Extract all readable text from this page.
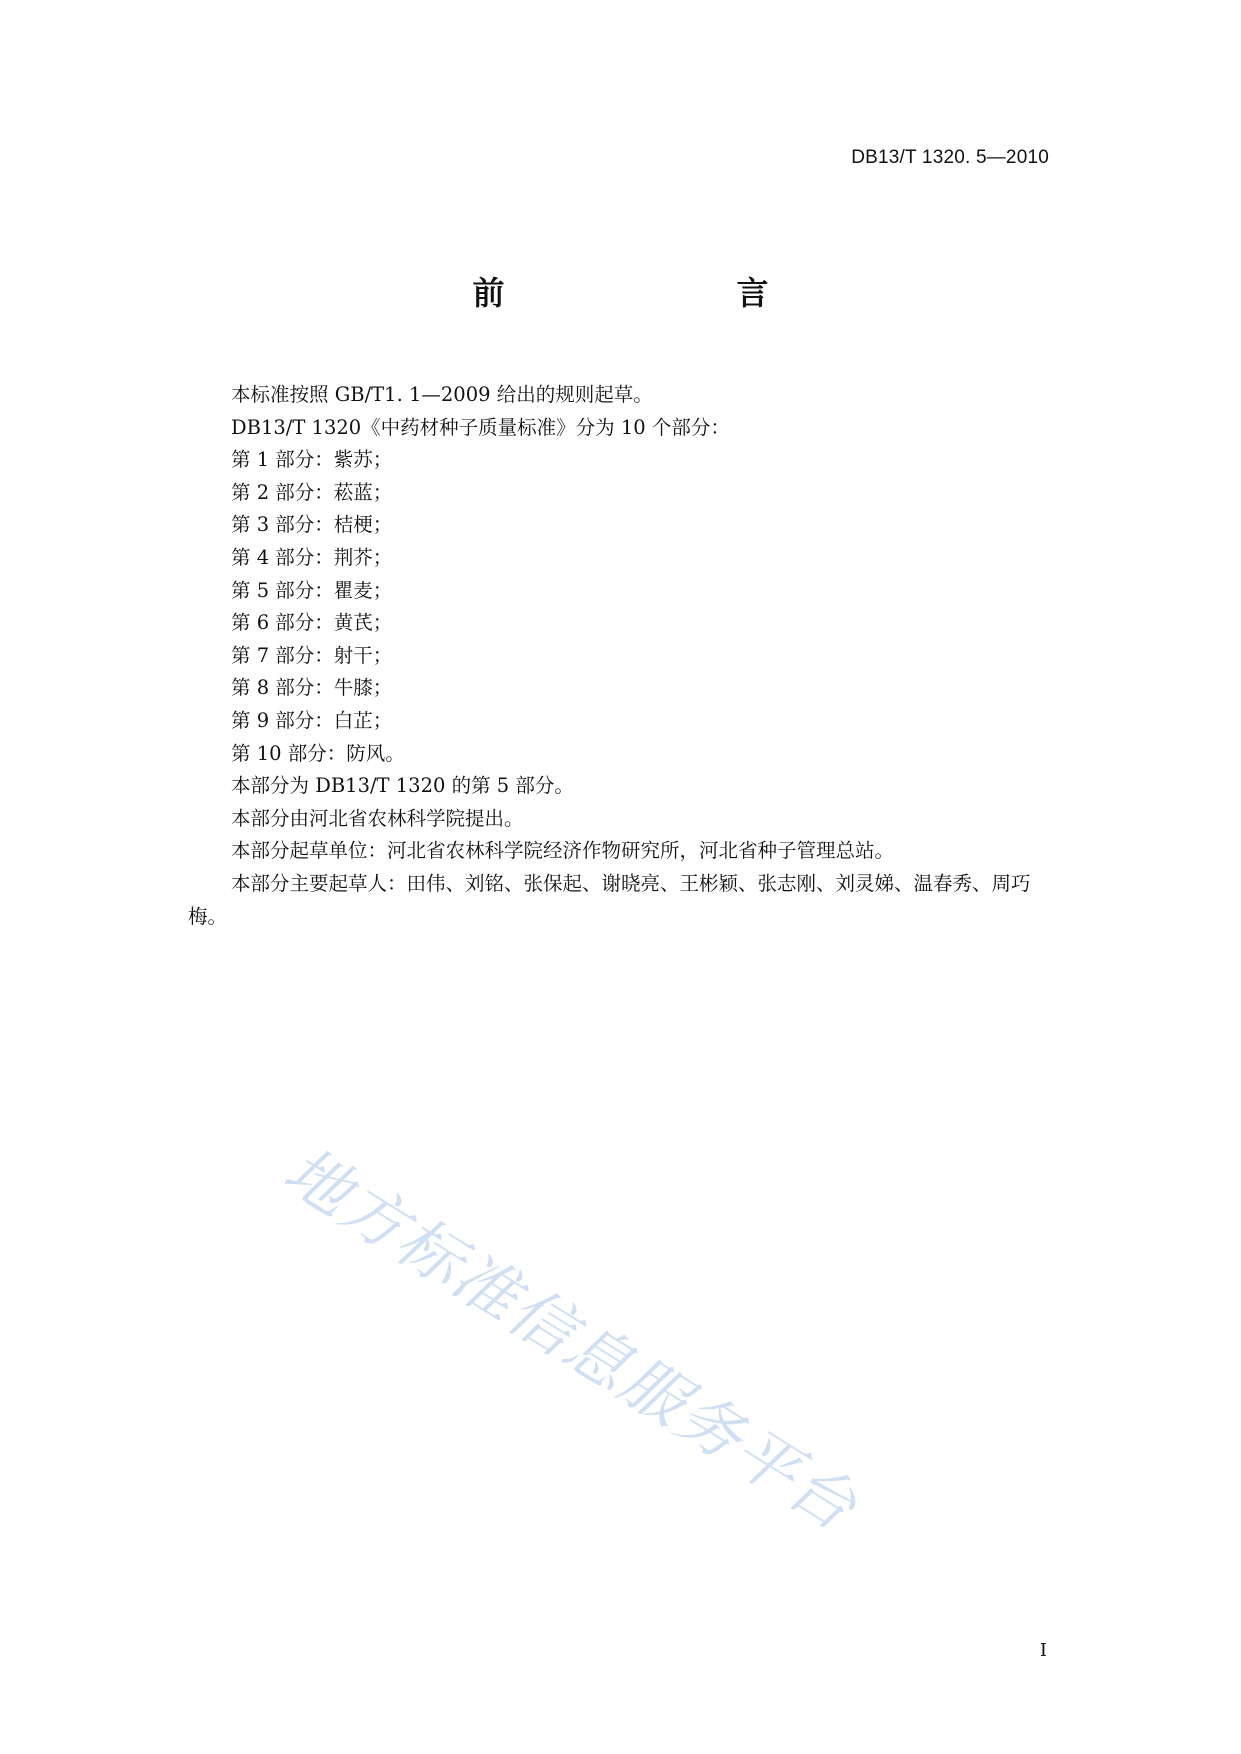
DB13/T 1320. 5—2010
前　　言

本标准按照 GB/T1. 1—2009 给出的规则起草。

DB13/T 1320《中药材种子质量标准》分为 10 个部分：

第 1 部分：紫苏；

第 2 部分：菘蓝；

第 3 部分：桔梗；

第 4 部分：荆芥；

第 5 部分：瞿麦；

第 6 部分：黄芪；

第 7 部分：射干；

第 8 部分：牛膝；

第 9 部分：白芷；

第 10 部分：防风。

本部分为 DB13/T 1320 的第 5 部分。

本部分由河北省农林科学院提出。

本部分起草单位：河北省农林科学院经济作物研究所，河北省种子管理总站。

本部分主要起草人：田伟、刘铭、张保起、谢晓亮、王彬颖、张志刚、刘灵娣、温春秀、周巧梅。

地方标准信息服务平台
I
